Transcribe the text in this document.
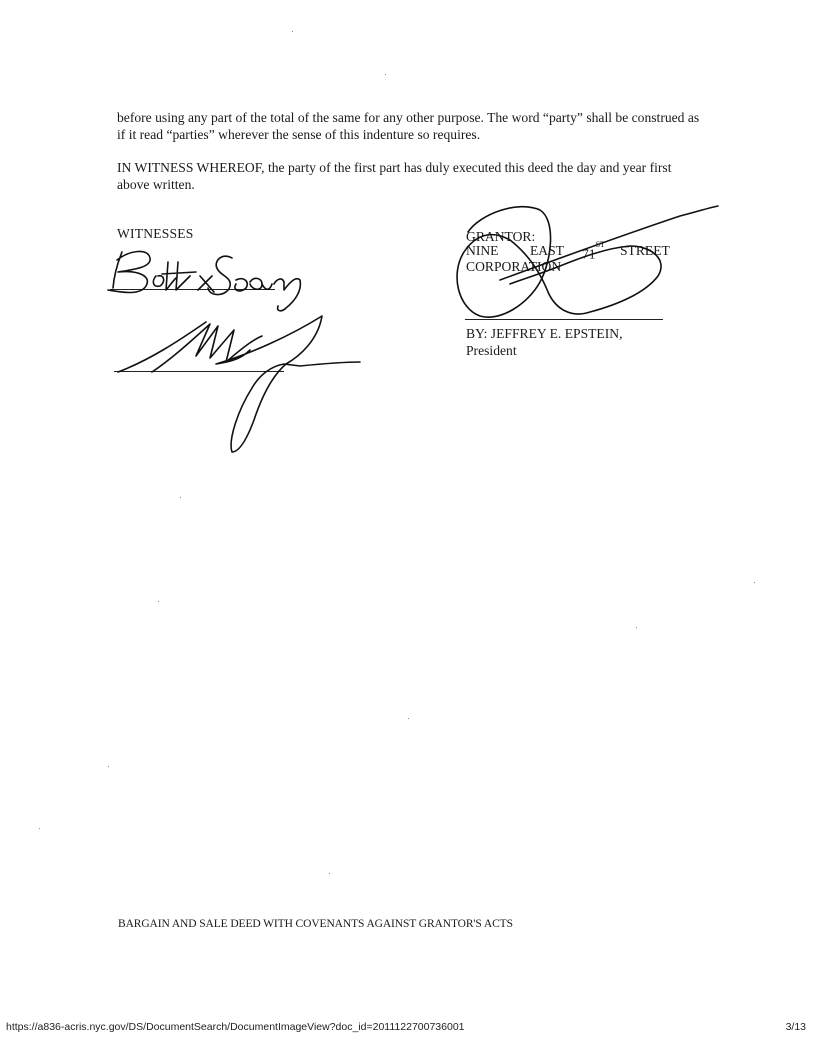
before using any part of the total of the same for any other purpose. The word “party” shall be construed as if it read “parties” wherever the sense of this indenture so requires.

IN WITNESS WHEREOF, the party of the first part has duly executed this deed the day and year first above written.

WITNESSES	GRANTOR:
NINE EAST 71ST STREET
CORPORATION
BY: JEFFREY E. EPSTEIN,
President
BARGAIN AND SALE DEED WITH COVENANTS AGAINST GRANTOR'S ACTS
https://a836-acris.nyc.gov/DS/DocumentSearch/DocumentImageView?doc_id=2011122700736001	3/13
